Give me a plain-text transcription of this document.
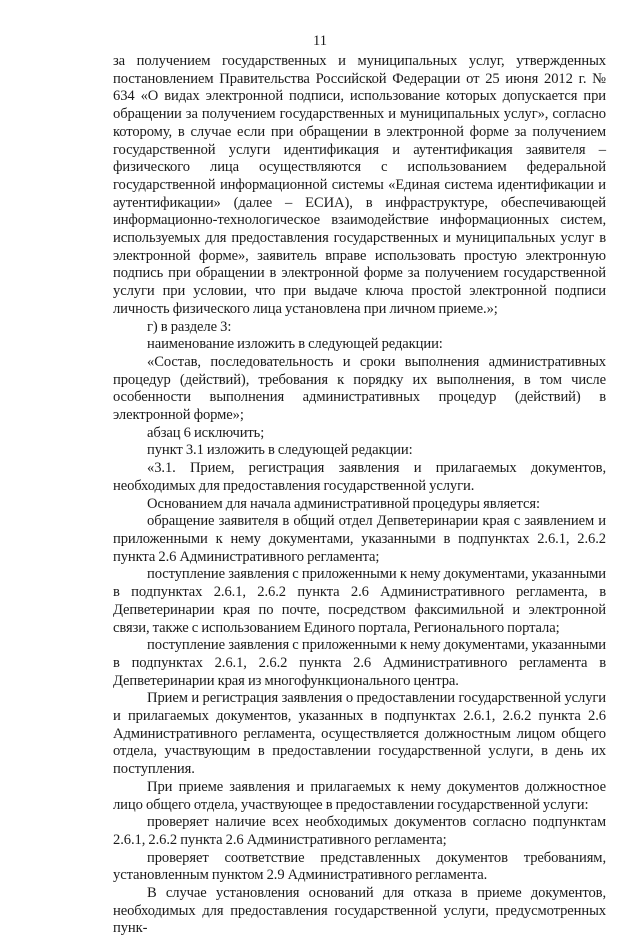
11

за получением государственных и муниципальных услуг, утвержденных постановлением Правительства Российской Федерации от 25 июня 2012 г. № 634 «О видах электронной подписи, использование которых допускается при обращении за получением государственных и муниципальных услуг», согласно которому, в случае если при обращении в электронной форме за получением государственной услуги идентификация и аутентификация заявителя – физического лица осуществляются с использованием федеральной государственной информационной системы «Единая система идентификации и аутентификации» (далее – ЕСИА), в инфраструктуре, обеспечивающей информационно-технологическое взаимодействие информационных систем, используемых для предоставления государственных и муниципальных услуг в электронной форме», заявитель вправе использовать простую электронную подпись при обращении в электронной форме за получением государственной услуги при условии, что при выдаче ключа простой электронной подписи личность физического лица установлена при личном приеме.»;

г) в разделе 3:

наименование изложить в следующей редакции:

«Состав, последовательность и сроки выполнения административных процедур (действий), требования к порядку их выполнения, в том числе особенности выполнения административных процедур (действий) в электронной форме»;

абзац 6 исключить;

пункт 3.1 изложить в следующей редакции:

«3.1. Прием, регистрация заявления и прилагаемых документов, необходимых для предоставления государственной услуги.

Основанием для начала административной процедуры является:

обращение заявителя в общий отдел Депветеринарии края с заявлением и приложенными к нему документами, указанными в подпунктах 2.6.1, 2.6.2 пункта 2.6 Административного регламента;

поступление заявления с приложенными к нему документами, указанными в подпунктах 2.6.1, 2.6.2 пункта 2.6 Административного регламента, в Депветеринарии края по почте, посредством факсимильной и электронной связи, также с использованием Единого портала, Регионального портала;

поступление заявления с приложенными к нему документами, указанными в подпунктах 2.6.1, 2.6.2 пункта 2.6 Административного регламента в Депветеринарии края из многофункционального центра.

Прием и регистрация заявления о предоставлении государственной услуги и прилагаемых документов, указанных в подпунктах 2.6.1, 2.6.2 пункта 2.6 Административного регламента, осуществляется должностным лицом общего отдела, участвующим в предоставлении государственной услуги, в день их поступления.

При приеме заявления и прилагаемых к нему документов должностное лицо общего отдела, участвующее в предоставлении государственной услуги:

проверяет наличие всех необходимых документов согласно подпунктам 2.6.1, 2.6.2 пункта 2.6 Административного регламента;

проверяет соответствие представленных документов требованиям, установленным пунктом 2.9 Административного регламента.

В случае установления оснований для отказа в приеме документов, необходимых для предоставления государственной услуги, предусмотренных пунк-
